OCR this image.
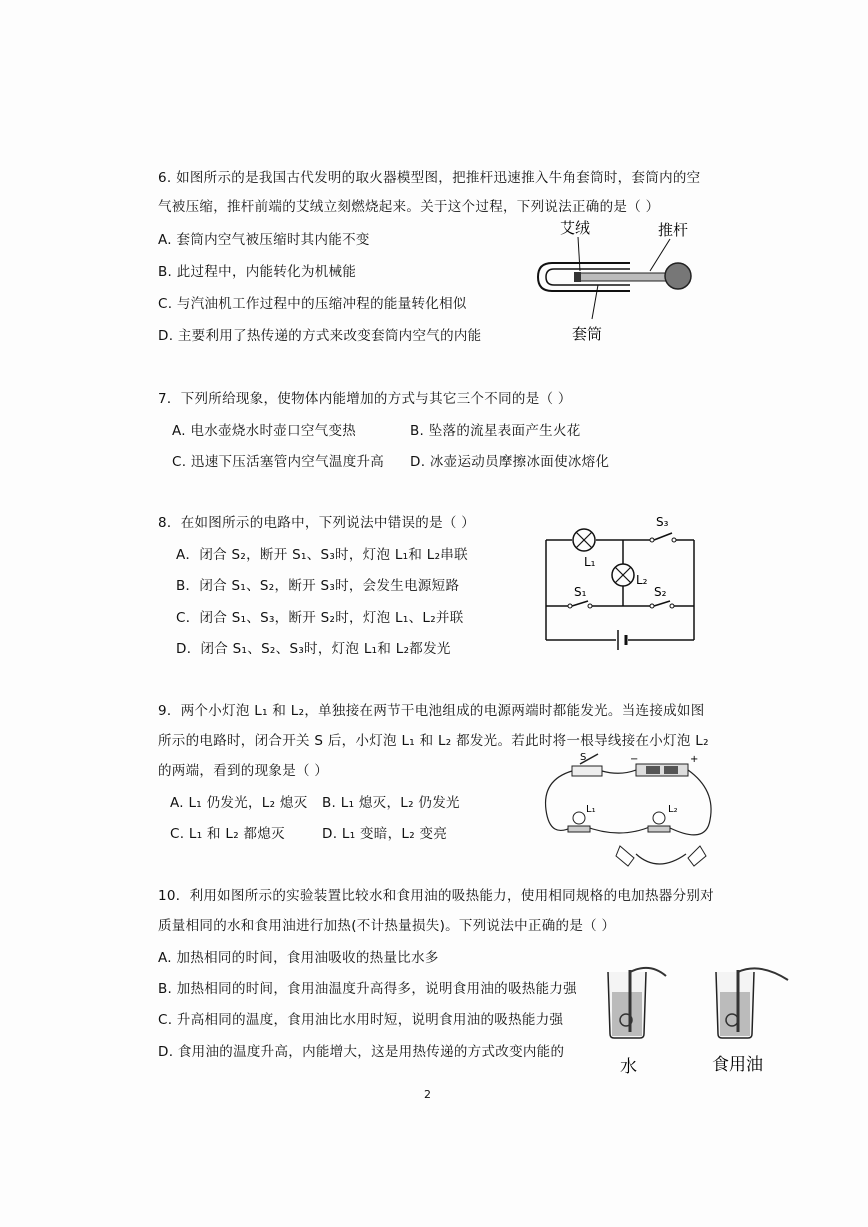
6. 如图所示的是我国古代发明的取火器模型图，把推杆迅速推入牛角套筒时，套筒内的空
气被压缩，推杆前端的艾绒立刻燃烧起来。关于这个过程，下列说法正确的是（ ）
A. 套筒内空气被压缩时其内能不变
B. 此过程中，内能转化为机械能
C. 与汽油机工作过程中的压缩冲程的能量转化相似
D. 主要利用了热传递的方式来改变套筒内空气的内能
艾绒	推杆
套筒
7．下列所给现象，使物体内能增加的方式与其它三个不同的是（ ）
A. 电水壶烧水时壶口空气变热	B. 坠落的流星表面产生火花
C. 迅速下压活塞管内空气温度升高 D. 冰壶运动员摩擦冰面使冰熔化
8．在如图所示的电路中，下列说法中错误的是（ ）
A．闭合 S₂，断开 S₁、S₃时，灯泡 L₁和 L₂串联
B．闭合 S₁、S₂，断开 S₃时，会发生电源短路
C．闭合 S₁、S₃，断开 S₂时，灯泡 L₁、L₂并联
D．闭合 S₁、S₂、S₃时，灯泡 L₁和 L₂都发光
L₁
L₂
S₁	S₂
S₃
9．两个小灯泡 L₁ 和 L₂，单独接在两节干电池组成的电源两端时都能发光。当连接成如图
所示的电路时，闭合开关 S 后，小灯泡 L₁ 和 L₂ 都发光。若此时将一根导线接在小灯泡 L₂
的两端，看到的现象是（ ）
A. L₁ 仍发光，L₂ 熄灭 B. L₁ 熄灭，L₂ 仍发光
C. L₁ 和 L₂ 都熄灭	D. L₁ 变暗，L₂ 变亮
S	−	+
L₁	L₂
10．利用如图所示的实验装置比较水和食用油的吸热能力，使用相同规格的电加热器分别对
质量相同的水和食用油进行加热(不计热量损失)。下列说法中正确的是（ ）
A. 加热相同的时间，食用油吸收的热量比水多
B. 加热相同的时间，食用油温度升高得多，说明食用油的吸热能力强
C. 升高相同的温度，食用油比水用时短，说明食用油的吸热能力强
D. 食用油的温度升高，内能增大，这是用热传递的方式改变内能的
水	食用油
2
